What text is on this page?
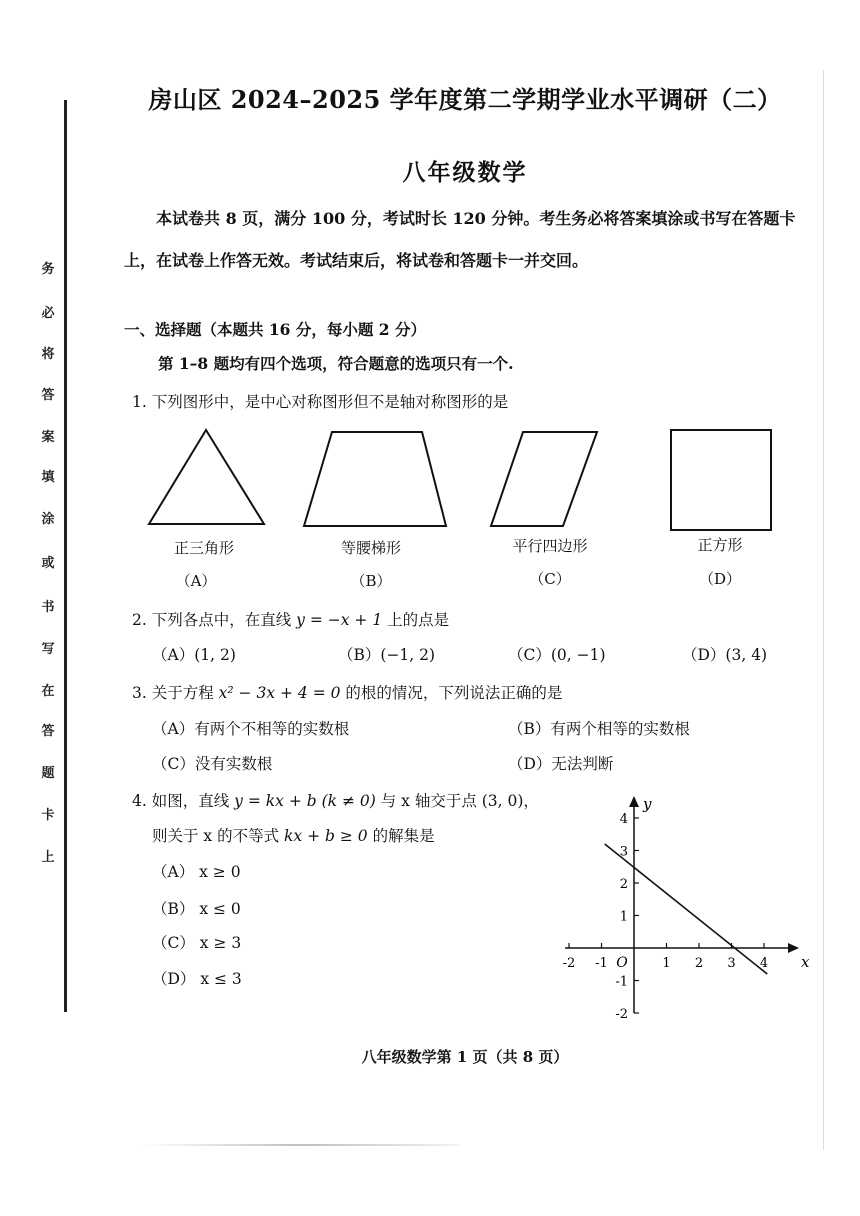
务
必
将
答
案
填
涂
或
书
写
在
答
题
卡
上
房山区 2024–2025 学年度第二学期学业水平调研（二）
八年级数学
本试卷共 8 页，满分 100 分，考试时长 120 分钟。考生务必将答案填涂或书写在答题卡上，在试卷上作答无效。考试结束后，将试卷和答题卡一并交回。
一、选择题（本题共 16 分，每小题 2 分）
第 1–8 题均有四个选项，符合题意的选项只有一个.
1. 下列图形中，是中心对称图形但不是轴对称图形的是
正三角形	等腰梯形	平行四边形	正方形
（A）	（B）	（C）	（D）
2. 下列各点中，在直线 y = −x + 1 上的点是
（A）(1, 2)	（B）(−1, 2)	（C）(0, −1)	（D）(3, 4)
3. 关于方程 x² − 3x + 4 = 0 的根的情况，下列说法正确的是
（A）有两个不相等的实数根	（B）有两个相等的实数根
（C）没有实数根	（D）无法判断
4. 如图，直线 y = kx + b (k ≠ 0) 与 x 轴交于点 (3, 0)，
则关于 x 的不等式 kx + b ≥ 0 的解集是
（A） x ≥ 0
（B） x ≤ 0
（C） x ≥ 3
（D） x ≤ 3
x
y
O
-2 -1	1 2 3 4
4
3
2
1
-1
-2
八年级数学第 1 页（共 8 页）
